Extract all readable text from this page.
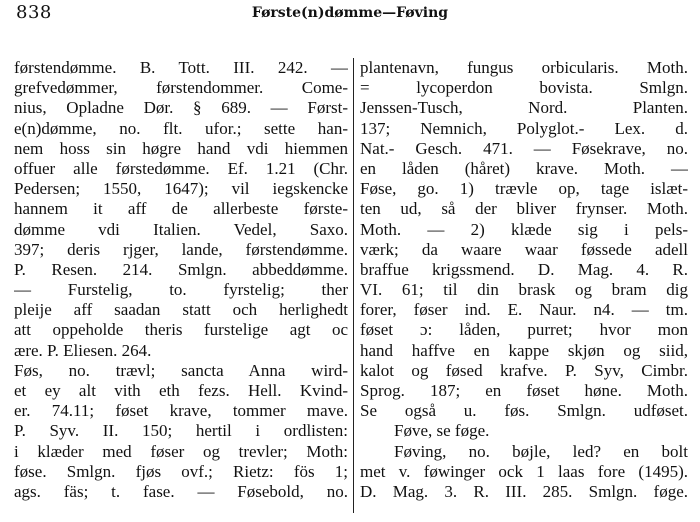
838	Første(n)dømme—Føving
førstendømme. B. Tott. III. 242. —
grefvedømmer, førstendommer. Come-
nius, Opladne Dør. § 689. — Først-
e(n)dømme, no. flt. ufor.; sette han-
nem hoss sin høgre hand vdi hiemmen
offuer alle førstedømme. Ef. 1.21 (Chr.
Pedersen; 1550, 1647); vil iegskencke
hannem it aff de allerbeste første-
dømme vdi Italien. Vedel, Saxo.
397; deris rjger, lande, førstendømme.
P. Resen. 214. Smlgn. abbeddømme.
— Furstelig, to. fyrstelig; ther
pleije aff saadan statt och herlighedt
att oppeholde theris furstelige agt oc
ære. P. Eliesen. 264.
Føs, no. trævl; sancta Anna wird-
et ey alt vith eth fezs. Hell. Kvind-
er. 74.11; føset krave, tommer mave.
P. Syv. II. 150; hertil i ordlisten:
i klæder med føser og trevler; Moth:
føse. Smlgn. fjøs ovf.; Rietz: fös 1;
ags. fäs; t. fase. — Føsebold, no.
plantenavn, fungus orbicularis. Moth.
= lycoperdon bovista. Smlgn.
Jenssen-Tusch, Nord. Planten.
137; Nemnich, Polyglot.- Lex. d.
Nat.- Gesch. 471. — Føsekrave, no.
en låden (håret) krave. Moth. —
Føse, go. 1) trævle op, tage islæt-
ten ud, så der bliver frynser. Moth.
Moth. — 2) klæde sig i pels-
værk; da waare waar føssede adell
braffue krigssmend. D. Mag. 4. R.
VI. 61; til din brask og bram dig
forer, føser ind. E. Naur. n4. — tm.
føset ɔ: låden, purret; hvor mon
hand haffve en kappe skjøn og siid,
kalot og føsed krafve. P. Syv, Cimbr.
Sprog. 187; en føset høne. Moth.
Se også u. føs. Smlgn. udføset.
Føve, se føge.
Føving, no. bøjle, led? en bolt
met v. føwinger ock 1 laas fore (1495).
D. Mag. 3. R. III. 285. Smlgn. føge.
